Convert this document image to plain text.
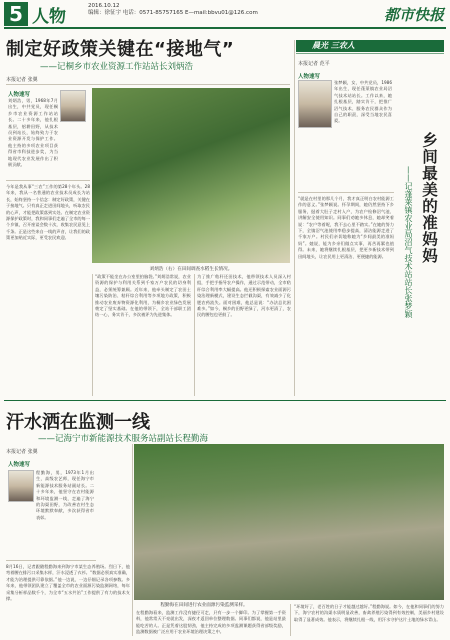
5 人物
2016.10.12
编辑：徐征宇 电话：0571-85757165 E—mail:bbvu01@126.com	都市快报
制定好政策关键在“接地气”
——记桐乡市农业资源工作站站长刘炳浩
本报记者 张翼
晨光 三农人
人物速写
刘炳浩，男，1968年7月出生，中共党员，现任桐乡市农业资源工作站站长。二十多年来，他扎根基层，躬耕田野，从技术员到站长，始终致力于农业资源开发与保护工作。他主持的多项农业项目获得省市科技进步奖，为当地现代农业发展作出了积极贡献。
刘炳浩（右）在田间调查水稻生长情况。
今年是我从事“三农”工作的第28个年头。28年来，我从一名普通的农业技术员成长为站长，始终坚持一个信念：制定好政策，关键在于接地气。只有真正走进田间地头，听取农民的心声，才能把政策落到实处。在制定农业资源保护政策时，我和同事们走遍了全市的每一个乡镇，召开座谈会数十次，收集农民意见上千条。正是这些来自一线的声音，让我们的政策更加贴近实际，更受农民欢迎。
“政策不能坐在办公室里拍脑袋。”刘炳浩常说，农业资源的保护与利用关系到千家万户农民的切身利益，必须统筹兼顾。近年来，他牵头制定了农田土壤污染防治、秸秆综合利用等多项地方政策，积极推动农业废弃物资源化利用，为桐乡农业绿色发展奠定了坚实基础。在他的带领下，全站干部职工团结一心，务实肯干，多次被评为先进集体。
为了推广秸秆还田技术，他带领技术人员深入村组，手把手指导农户操作，通过示范带动，全市秸秆综合利用率大幅提高。他还积极探索农业面源污染治理新模式，建设生态拦截沟渠，有效减少了化肥农药流失。面对困难，他总是说：“办法总比困难多。”如今，桐乡的田野更绿了，河水更清了，农民的腰包也更鼓了。
本报记者 范平
人物速写
张梦颖，女，中共党员，1986年出生，现任蓬莱镇农业局沼气技术站站长。工作以来，她扎根基层，踏实肯干，把推广沼气技术、服务农民群众作为自己的职责，深受当地农民喜爱。
乡间最美的准妈妈
——记蓬莱镇农业局沼气技术站站长张梦颖
“就是在村里的那几个月，我才真正明白农村能源工作的意义。”张梦颖说。怀孕期间，她仍然坚持下乡服务，挺着大肚子走村入户，为农户检修沼气池、讲解安全使用知识。同事们劝她多休息，她却笑着说：“农户等着呢，我不去心里不踏实。”在她的努力下，全镇沼气池使用率稳步提高，清洁能源走进了千家万户。村民们亲切地称她为“乡间最美的准妈妈”。她说，能为乡亲们做点实事，再苦再累也值得。未来，她将继续扎根基层，把更多新技术带到田间地头，让农民用上更清洁、更便捷的能源。
汗水洒在监测一线
——记海宁市新能源技术服务站副站长程勤海
本报记者 张翼
人物速写
程勤海，男，1973年1月出生，高级农艺师，现任海宁市新能源技术服务站副站长。二十多年来，他坚守在农村能源和环境监测一线，走遍了海宁的沟渠田野，为改善农村生态环境默默奉献，多次获得省市表彰。
程勤海在田间进行农业面源污染监测采样。
8月16日，记者跟随程勤海来到海宁市某生态养殖场。烈日下，他弯着腰在排污口采集水样，汗水浸透了衣衫。“数据必须真实准确，才能为治理提供可靠依据。”他一边说，一边仔细记录各项参数。多年来，他带领团队建立了覆盖全市的农业面源污染监测网络，每年采集分析样品数千个，为全市“五水共治”工作提供了有力的技术支撑。
在程勤海看来，监测工作没有捷径可走，只有一步一个脚印。为了掌握第一手资料，他常常天不亮就出发，深夜才返回单位整理数据。同事们都说，他是站里最能吃苦的人。正是凭着这股韧劲，他主持完成的多项监测课题获得省部级奖励，监测数据被广泛应用于农业环境治理决策之中。
“环境好了，老百姓的日子才能越过越好。”程勤海说。如今，在他和同事们的努力下，海宁农村的沟渠水质明显改善，畜禽养殖污染得到有效控制，美丽乡村建设取得了显著成效。他表示，将继续扎根一线，用汗水守护这片土地的绿水青山。
